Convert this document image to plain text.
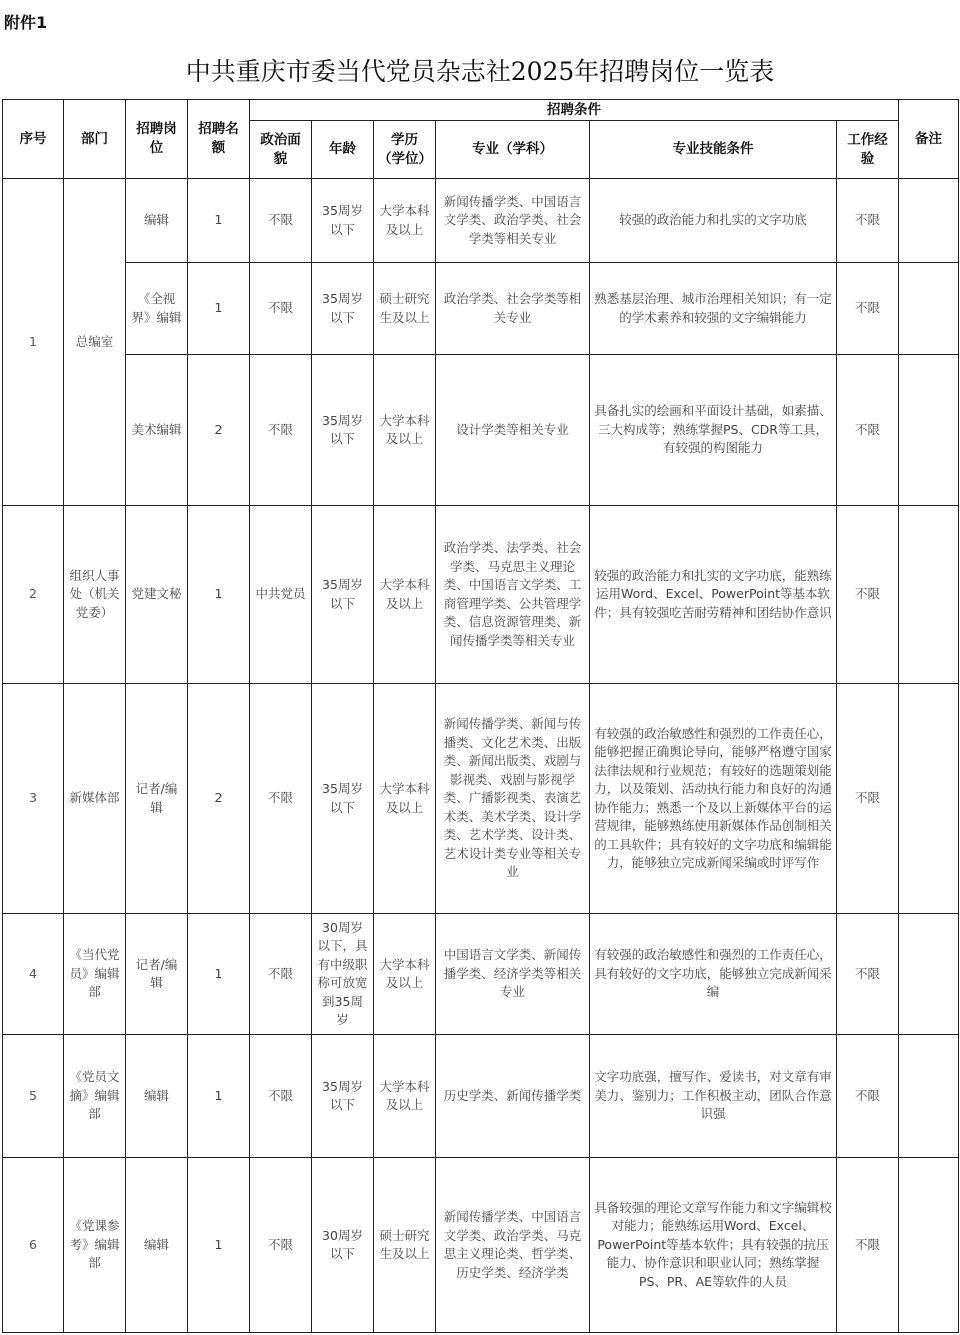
附件1
中共重庆市委当代党员杂志社2025年招聘岗位一览表
序号	部门	招聘岗位	招聘名额	招聘条件						备注
				政治面貌	年龄	学历（学位）	专业（学科）	专业技能条件	工作经验	
1	总编室	编辑	1	不限	35周岁以下	大学本科及以上	新闻传播学类、中国语言文学类、政治学类、社会学类等相关专业	较强的政治能力和扎实的文字功底	不限	
		《全视界》编辑	1	不限	35周岁以下	硕士研究生及以上	政治学类、社会学类等相关专业	熟悉基层治理、城市治理相关知识；有一定的学术素养和较强的文字编辑能力	不限	
		美术编辑	2	不限	35周岁以下	大学本科及以上	设计学类等相关专业	具备扎实的绘画和平面设计基础，如素描、三大构成等；熟练掌握PS、CDR等工具，有较强的构图能力	不限	
2	组织人事处（机关党委）	党建文秘	1	中共党员	35周岁以下	大学本科及以上	政治学类、法学类、社会学类、马克思主义理论类、中国语言文学类、工商管理学类、公共管理学类、信息资源管理类、新闻传播学类等相关专业	较强的政治能力和扎实的文字功底，能熟练运用Word、Excel、PowerPoint等基本软件；具有较强吃苦耐劳精神和团结协作意识	不限	
3	新媒体部	记者/编辑	2	不限	35周岁以下	大学本科及以上	新闻传播学类、新闻与传播类、文化艺术类、出版类、新闻出版类、戏剧与影视类、戏剧与影视学类、广播影视类、表演艺术类、美术学类、设计学类、艺术学类、设计类、艺术设计类专业等相关专业	有较强的政治敏感性和强烈的工作责任心，能够把握正确舆论导向，能够严格遵守国家法律法规和行业规范；有较好的选题策划能力，以及策划、活动执行能力和良好的沟通协作能力；熟悉一个及以上新媒体平台的运营规律，能够熟练使用新媒体作品创制相关的工具软件；具有较好的文字功底和编辑能力，能够独立完成新闻采编或时评写作	不限	
4	《当代党员》编辑部	记者/编辑	1	不限	30周岁以下，具有中级职称可放宽到35周岁	大学本科及以上	中国语言文学类、新闻传播学类、经济学类等相关专业	有较强的政治敏感性和强烈的工作责任心，具有较好的文字功底，能够独立完成新闻采编	不限	
5	《党员文摘》编辑部	编辑	1	不限	35周岁以下	大学本科及以上	历史学类、新闻传播学类	文字功底强，擅写作、爱读书，对文章有审美力、鉴别力；工作积极主动，团队合作意识强	不限	
6	《党课参考》编辑部	编辑	1	不限	30周岁以下	硕士研究生及以上	新闻传播学类、中国语言文学类、政治学类、马克思主义理论类、哲学类、历史学类、经济学类	具备较强的理论文章写作能力和文字编辑校对能力；能熟练运用Word、Excel、PowerPoint等基本软件；具有较强的抗压能力、协作意识和职业认同；熟练掌握PS、PR、AE等软件的人员	不限	
